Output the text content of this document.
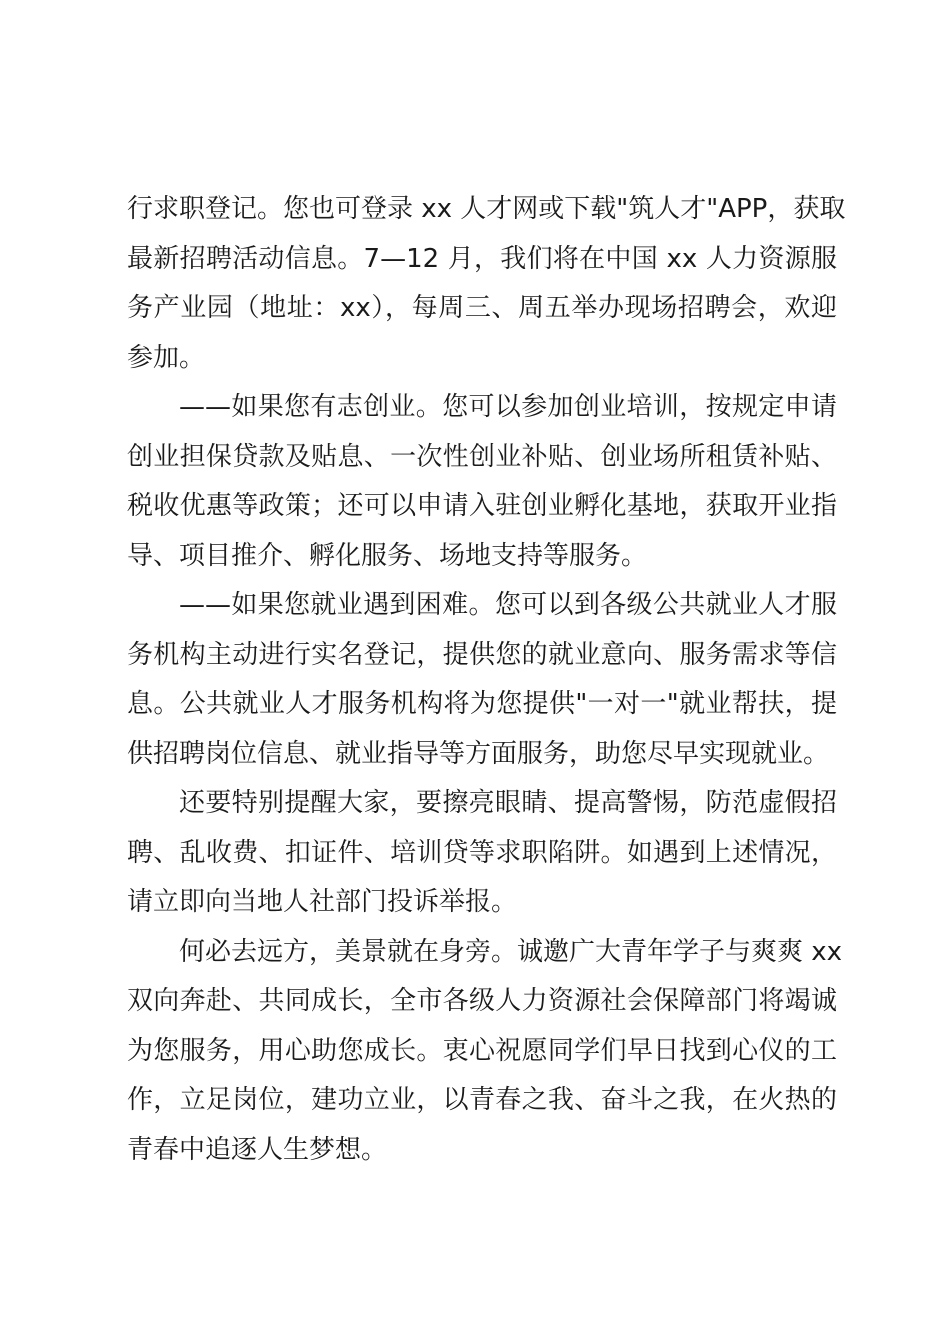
行求职登记。您也可登录 xx 人才网或下载"筑人才"APP，获取
最新招聘活动信息。7—12 月，我们将在中国 xx 人力资源服
务产业园（地址：xx），每周三、周五举办现场招聘会，欢迎
参加。
——如果您有志创业。您可以参加创业培训，按规定申请
创业担保贷款及贴息、一次性创业补贴、创业场所租赁补贴、
税收优惠等政策；还可以申请入驻创业孵化基地，获取开业指
导、项目推介、孵化服务、场地支持等服务。
——如果您就业遇到困难。您可以到各级公共就业人才服
务机构主动进行实名登记，提供您的就业意向、服务需求等信
息。公共就业人才服务机构将为您提供"一对一"就业帮扶，提
供招聘岗位信息、就业指导等方面服务，助您尽早实现就业。
还要特别提醒大家，要擦亮眼睛、提高警惕，防范虚假招
聘、乱收费、扣证件、培训贷等求职陷阱。如遇到上述情况，
请立即向当地人社部门投诉举报。
何必去远方，美景就在身旁。诚邀广大青年学子与爽爽 xx
双向奔赴、共同成长，全市各级人力资源社会保障部门将竭诚
为您服务，用心助您成长。衷心祝愿同学们早日找到心仪的工
作，立足岗位，建功立业，以青春之我、奋斗之我，在火热的
青春中追逐人生梦想。
